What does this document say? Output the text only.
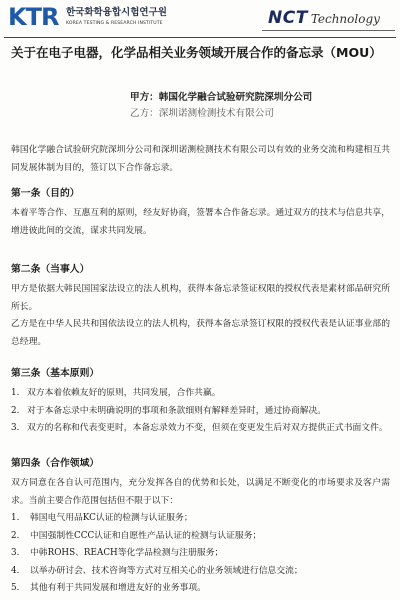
KTR 한국화학융합시험연구원
KOREA TESTING & RESEARCH INSTITUTE	NCT Technology
关于在电子电器，化学品相关业务领域开展合作的备忘录（MOU）
甲方：韩国化学融合试验研究院深圳分公司
乙方：深圳诺测检测技术有限公司

韩国化学融合试验研究院深圳分公司和深圳诺测检测技术有限公司以有效的业务交流和构建相互共同发展体制为目的，签订以下合作备忘录。

第一条（目的）

本着平等合作、互惠互利的原则，经友好协商，签署本合作备忘录。通过双方的技术与信息共享，增进彼此间的交流，谋求共同发展。

第二条（当事人）

甲方是依据大韩民国国家法设立的法人机构，获得本备忘录签证权限的授权代表是素材部品研究所所长。

乙方是在中华人民共和国依法设立的法人机构，获得本备忘录签订权限的授权代表是认证事业部的总经理。

第三条（基本原则）
1. 双方本着依赖友好的原则，共同发展，合作共赢。
2. 对于本备忘录中未明确说明的事项和条款细则有解释差异时，通过协商解决。
3. 双方的名称和代表变更时，本备忘录效力不变，但须在变更发生后对双方提供正式书面文件。
第四条（合作领域）

双方同意在各自认可范围内，充分发挥各自的优势和长处，以满足不断变化的市场要求及客户需求。当前主要合作范围包括但不限于以下：

1.	韩国电气用品KC认证的检测与认证服务；
2.	中国强制性CCC认证和自愿性产品认证的检测与认证服务；
3.	中韩ROHS、REACH等化学品检测与注册服务；
4.	以举办研讨会、技术咨询等方式对互相关心的业务领域进行信息交流；
5.	其他有利于共同发展和增进友好的业务事项。
